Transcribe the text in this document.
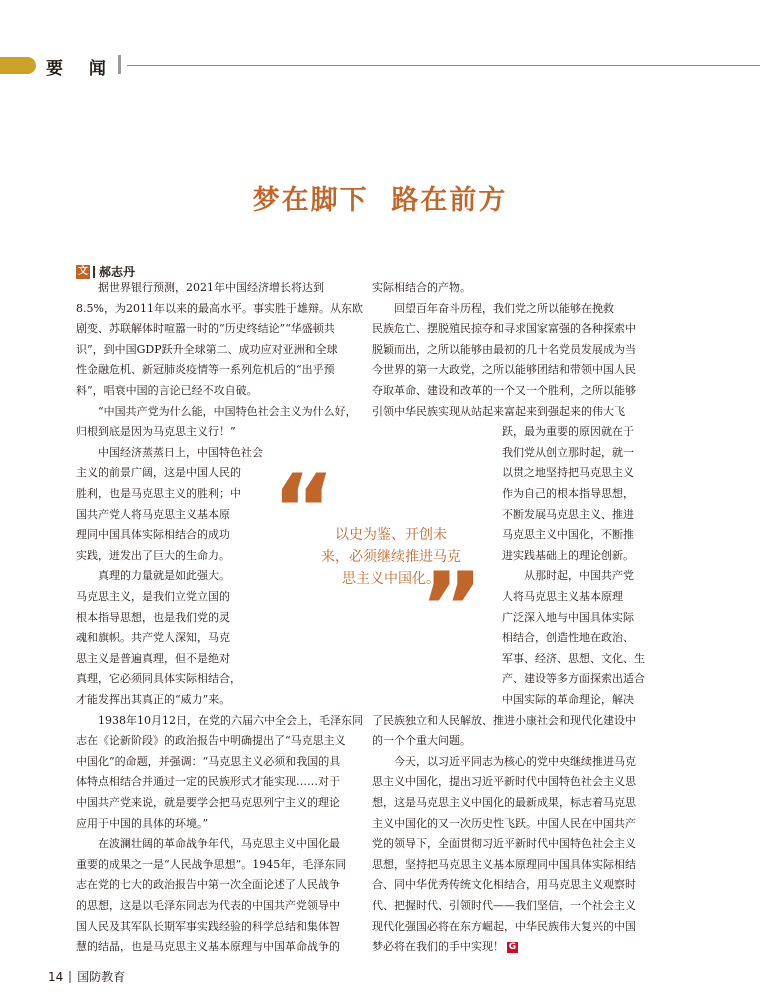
要 闻
梦在脚下  路在前方
文 郝志丹
　　据世界银行预测，2021年中国经济增长将达到
8.5%，为2011年以来的最高水平。事实胜于雄辩。从东欧
剧变、苏联解体时喧嚣一时的“历史终结论”“华盛顿共
识”，到中国GDP跃升全球第二、成功应对亚洲和全球
性金融危机、新冠肺炎疫情等一系列危机后的“出乎预
料”，唱衰中国的言论已经不攻自破。
　　“中国共产党为什么能，中国特色社会主义为什么好，
归根到底是因为马克思主义行！”
　　中国经济蒸蒸日上，中国特色社会
主义的前景广阔，这是中国人民的
胜利，也是马克思主义的胜利；中
国共产党人将马克思主义基本原
理同中国具体实际相结合的成功
实践，迸发出了巨大的生命力。
　　真理的力量就是如此强大。
马克思主义，是我们立党立国的
根本指导思想，也是我们党的灵
魂和旗帜。共产党人深知，马克
思主义是普遍真理，但不是绝对
真理，它必须同具体实际相结合，
才能发挥出其真正的“威力”来。
　　1938年10月12日，在党的六届六中全会上，毛泽东同
志在《论新阶段》的政治报告中明确提出了“马克思主义
中国化”的命题，并强调：“马克思主义必须和我国的具
体特点相结合并通过一定的民族形式才能实现……对于
中国共产党来说，就是要学会把马克思列宁主义的理论
应用于中国的具体的环境。”
　　在波澜壮阔的革命战争年代，马克思主义中国化最
重要的成果之一是“人民战争思想”。1945年，毛泽东同
志在党的七大的政治报告中第一次全面论述了人民战争
的思想，这是以毛泽东同志为代表的中国共产党领导中
国人民及其军队长期军事实践经验的科学总结和集体智
慧的结晶，也是马克思主义基本原理与中国革命战争的
实际相结合的产物。
　　回望百年奋斗历程，我们党之所以能够在挽救
民族危亡、摆脱殖民掠夺和寻求国家富强的各种探索中
脱颖而出，之所以能够由最初的几十名党员发展成为当
今世界的第一大政党，之所以能够团结和带领中国人民
夺取革命、建设和改革的一个又一个胜利，之所以能够
引领中华民族实现从站起来富起来到强起来的伟大飞
跃，最为重要的原因就在于
我们党从创立那时起，就一
以贯之地坚持把马克思主义
作为自己的根本指导思想，
不断发展马克思主义、推进
马克思主义中国化，不断推
进实践基础上的理论创新。
　　从那时起，中国共产党
人将马克思主义基本原理
广泛深入地与中国具体实际
相结合，创造性地在政治、
军事、经济、思想、文化、生
产、建设等多方面探索出适合
中国实际的革命理论，解决
了民族独立和人民解放、推进小康社会和现代化建设中
的一个个重大问题。
　　今天，以习近平同志为核心的党中央继续推进马克
思主义中国化，提出习近平新时代中国特色社会主义思
想，这是马克思主义中国化的最新成果，标志着马克思
主义中国化的又一次历史性飞跃。中国人民在中国共产
党的领导下，全面贯彻习近平新时代中国特色社会主义
思想，坚持把马克思主义基本原理同中国具体实际相结
合、同中华优秀传统文化相结合，用马克思主义观察时
代、把握时代、引领时代——我们坚信，一个社会主义
现代化强国必将在东方崛起，中华民族伟大复兴的中国
梦必将在我们的手中实现！ G
“ 以史为鉴、开创未
来，必须继续推进马克
思主义中国化。
”
14 国防教育
